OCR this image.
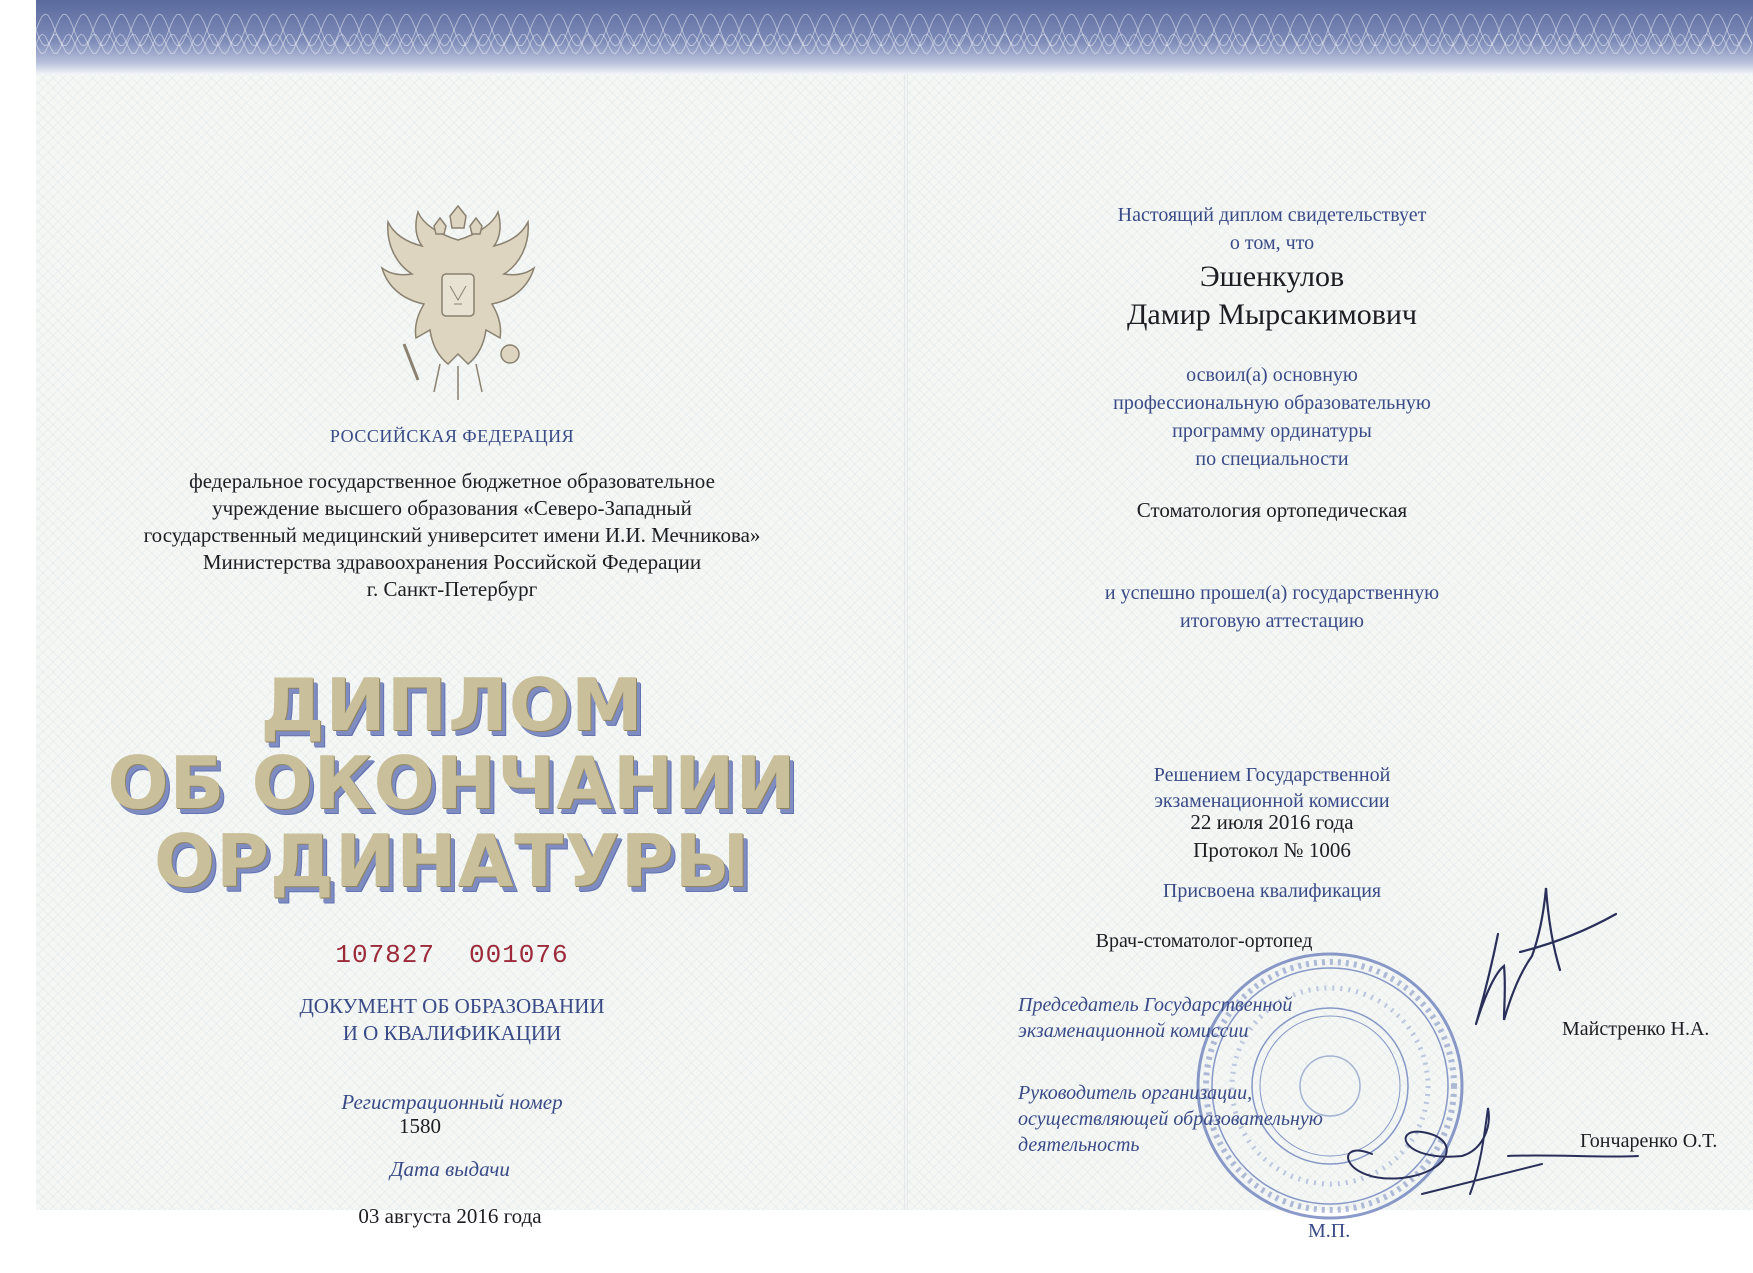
РОССИЙСКАЯ ФЕДЕРАЦИЯ
федеральное государственное бюджетное образовательное
учреждение высшего образования «Северо-Западный
государственный медицинский университет имени И.И. Мечникова»
Министерства здравоохранения Российской Федерации
г. Санкт-Петербург
ДИПЛОМ
ОБ ОКОНЧАНИИ
ОРДИНАТУРЫ
107827 001076
ДОКУМЕНТ ОБ ОБРАЗОВАНИИ
И О КВАЛИФИКАЦИИ
Регистрационный номер
1580
Дата выдачи
03 августа 2016 года
Настоящий диплом свидетельствует
о том, что
Эшенкулов
Дамир Мырсакимович
освоил(а) основную
профессиональную образовательную
программу ординатуры
по специальности
Стоматология ортопедическая
и успешно прошел(а) государственную
итоговую аттестацию
Решением Государственной
экзаменационной комиссии
22 июля 2016 года
Протокол № 1006
Присвоена квалификация
Врач-стоматолог-ортопед
Председатель Государственной
экзаменационной комиссии	Майстренко Н.А.
Руководитель организации,
осуществляющей образовательную
деятельность	Гончаренко О.Т.
М.П.
